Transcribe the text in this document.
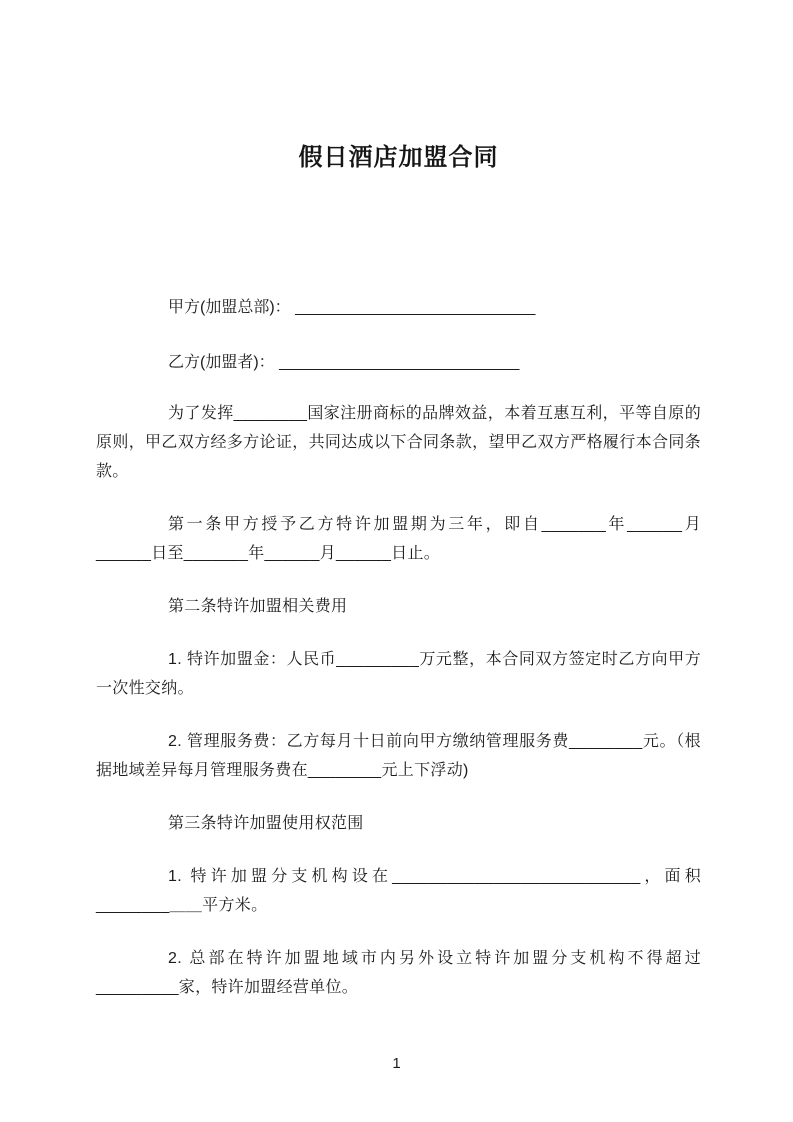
假日酒店加盟合同

甲方(加盟总部)： ___________________________

乙方(加盟者)： ___________________________

为了发挥________国家注册商标的品牌效益，本着互惠互利，平等自原的原则，甲乙双方经多方论证，共同达成以下合同条款，望甲乙双方严格履行本合同条款。

第一条甲方授予乙方特许加盟期为三年，即自_______年______月______日至_______年______月______日止。

第二条特许加盟相关费用

1. 特许加盟金：人民币_________万元整，本合同双方签定时乙方向甲方一次性交纳。

2. 管理服务费：乙方每月十日前向甲方缴纳管理服务费________元。（根据地域差异每月管理服务费在________元上下浮动)

第三条特许加盟使用权范围

1. 特许加盟分支机构设在___________________________，面积________＿＿平方米。

2. 总部在特许加盟地域市内另外设立特许加盟分支机构不得超过_________家，特许加盟经营单位。

1
